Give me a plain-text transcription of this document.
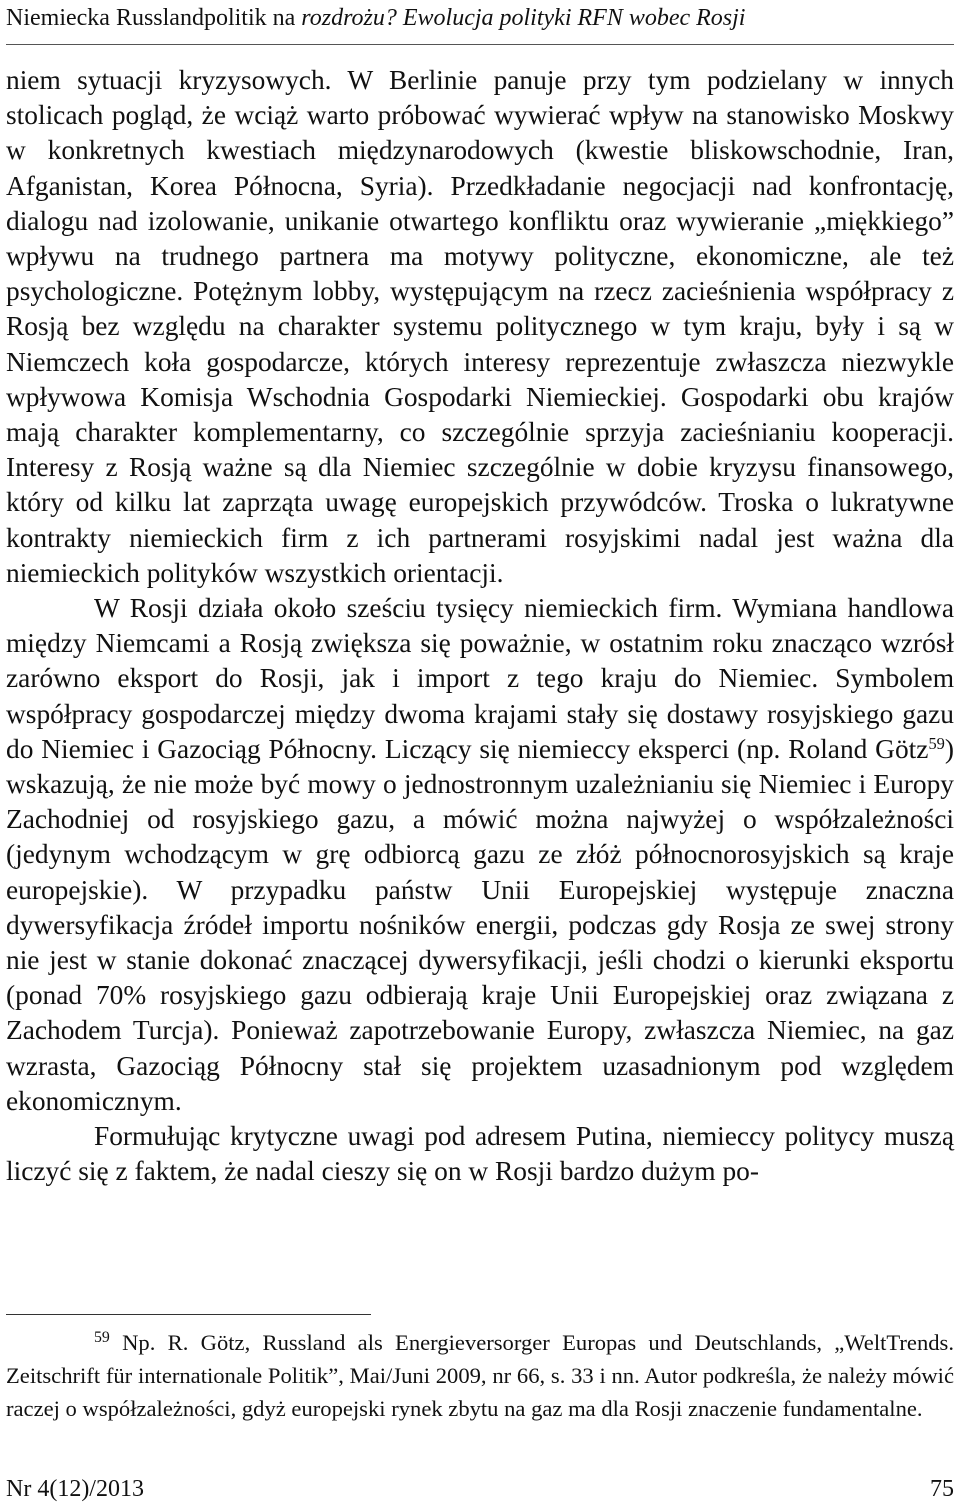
Niemiecka Russlandpolitik na rozdrożu? Ewolucja polityki RFN wobec Rosji

niem sytuacji kryzysowych. W Berlinie panuje przy tym podzielany w innych stolicach pogląd, że wciąż warto próbować wywierać wpływ na stanowisko Moskwy w konkretnych kwestiach międzynarodowych (kwestie bliskowschodnie, Iran, Afganistan, Korea Północna, Syria). Przedkładanie negocjacji nad konfrontację, dialogu nad izolowanie, unikanie otwartego konfliktu oraz wywieranie „miękkiego” wpływu na trudnego partnera ma motywy polityczne, ekonomiczne, ale też psychologiczne. Potężnym lobby, występującym na rzecz zacieśnienia współpracy z Rosją bez względu na charakter systemu politycznego w tym kraju, były i są w Niemczech koła gospodarcze, których interesy reprezentuje zwłaszcza niezwykle wpływowa Komisja Wschodnia Gospodarki Niemieckiej. Gospodarki obu krajów mają charakter komplementarny, co szczególnie sprzyja zacieśnianiu kooperacji. Interesy z Rosją ważne są dla Niemiec szczególnie w dobie kryzysu finansowego, który od kilku lat zaprząta uwagę europejskich przywódców. Troska o lukratywne kontrakty niemieckich firm z ich partnerami rosyjskimi nadal jest ważna dla niemieckich polityków wszystkich orientacji.

W Rosji działa około sześciu tysięcy niemieckich firm. Wymiana handlowa między Niemcami a Rosją zwiększa się poważnie, w ostatnim roku znacząco wzrósł zarówno eksport do Rosji, jak i import z tego kraju do Niemiec. Symbolem współpracy gospodarczej między dwoma krajami stały się dostawy rosyjskiego gazu do Niemiec i Gazociąg Północny. Liczący się niemieccy eksperci (np. Roland Götz$^{59}$) wskazują, że nie może być mowy o jednostronnym uzależnianiu się Niemiec i Europy Zachodniej od rosyjskiego gazu, a mówić można najwyżej o współzależności (jedynym wchodzącym w grę odbiorcą gazu ze złóż północnorosyjskich są kraje europejskie). W przypadku państw Unii Europejskiej występuje znaczna dywersyfikacja źródeł importu nośników energii, podczas gdy Rosja ze swej strony nie jest w stanie dokonać znaczącej dywersyfikacji, jeśli chodzi o kierunki eksportu (ponad 70% rosyjskiego gazu odbierają kraje Unii Europejskiej oraz związana z Zachodem Turcja). Ponieważ zapotrzebowanie Europy, zwłaszcza Niemiec, na gaz wzrasta, Gazociąg Północny stał się projektem uzasadnionym pod względem ekonomicznym.

Formułując krytyczne uwagi pod adresem Putina, niemieccy politycy muszą liczyć się z faktem, że nadal cieszy się on w Rosji bardzo dużym po-

$^{59}$ Np. R. Götz, Russland als Energieversorger Europas und Deutschlands, „WeltTrends. Zeitschrift für internationale Politik”, Mai/Juni 2009, nr 66, s. 33 i nn. Autor podkreśla, że należy mówić raczej o współzależności, gdyż europejski rynek zbytu na gaz ma dla Rosji znaczenie fundamentalne.
Nr 4(12)/2013	75
